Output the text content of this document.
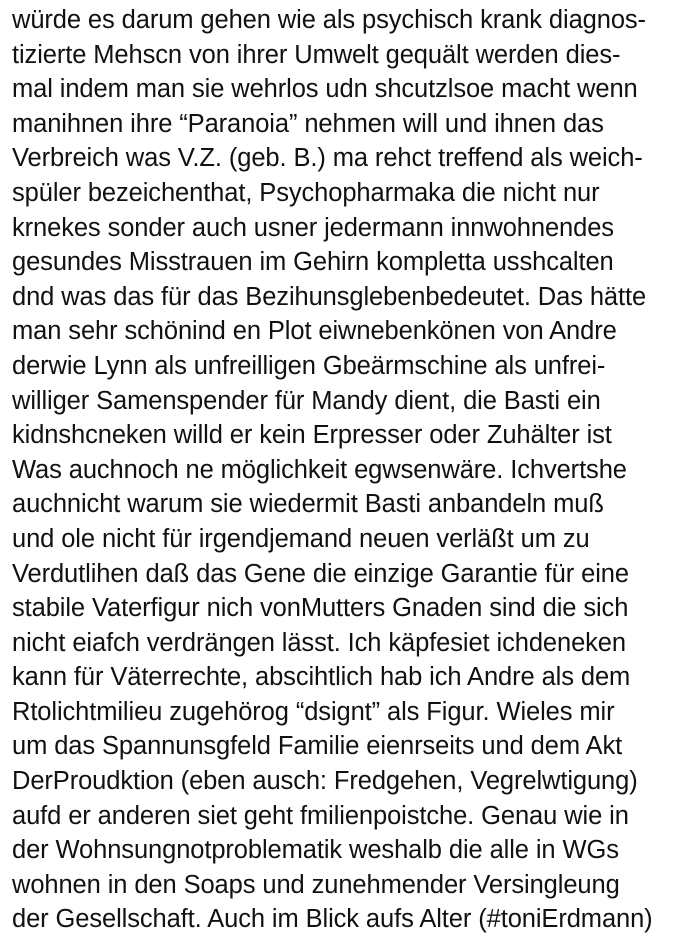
würde es darum gehen wie als psychisch krank diagnos-
tizierte Mehscn von ihrer Umwelt gequält werden dies-
mal indem man sie wehrlos udn shcutzlsoe macht wenn
manihnen ihre “Paranoia” nehmen will und ihnen das
Verbreich was V.Z. (geb. B.) ma rehct treffend als weich-
spüler bezeichenthat, Psychopharmaka die nicht nur
krnekes sonder auch usner jedermann innwohnendes
gesundes Misstrauen im Gehirn kompletta usshcalten
dnd was das für das Bezihunsglebenbedeutet. Das hätte
man sehr schönind en Plot eiwnebenkönen von Andre
derwie Lynn als unfreilligen Gbeärmschine als unfrei-
williger Samenspender für Mandy dient, die Basti ein
kidnshcneken willd er kein Erpresser oder Zuhälter ist
Was auchnoch ne möglichkeit egwsenwäre. Ichvertshe
auchnicht warum sie wiedermit Basti anbandeln muß
und ole nicht für irgendjemand neuen verläßt um zu
Verdutlihen daß das Gene die einzige Garantie für eine
stabile Vaterfigur nich vonMutters Gnaden sind die sich
nicht eiafch verdrängen lässt. Ich käpfesiet ichdeneken
kann für Väterrechte, abscihtlich hab ich Andre als dem
Rtolichtmilieu zugehörog “dsignt” als Figur. Wieles mir
um das Spannunsgfeld Familie eienrseits und dem Akt
DerProudktion (eben ausch: Fredgehen, Vegrelwtigung)
aufd er anderen siet geht fmilienpoistche. Genau wie in
der Wohnsungnotproblematik weshalb die alle in WGs
wohnen in den Soaps und zunehmender Versingleung
der Gesellschaft. Auch im Blick aufs Alter (#toniErdmann)
